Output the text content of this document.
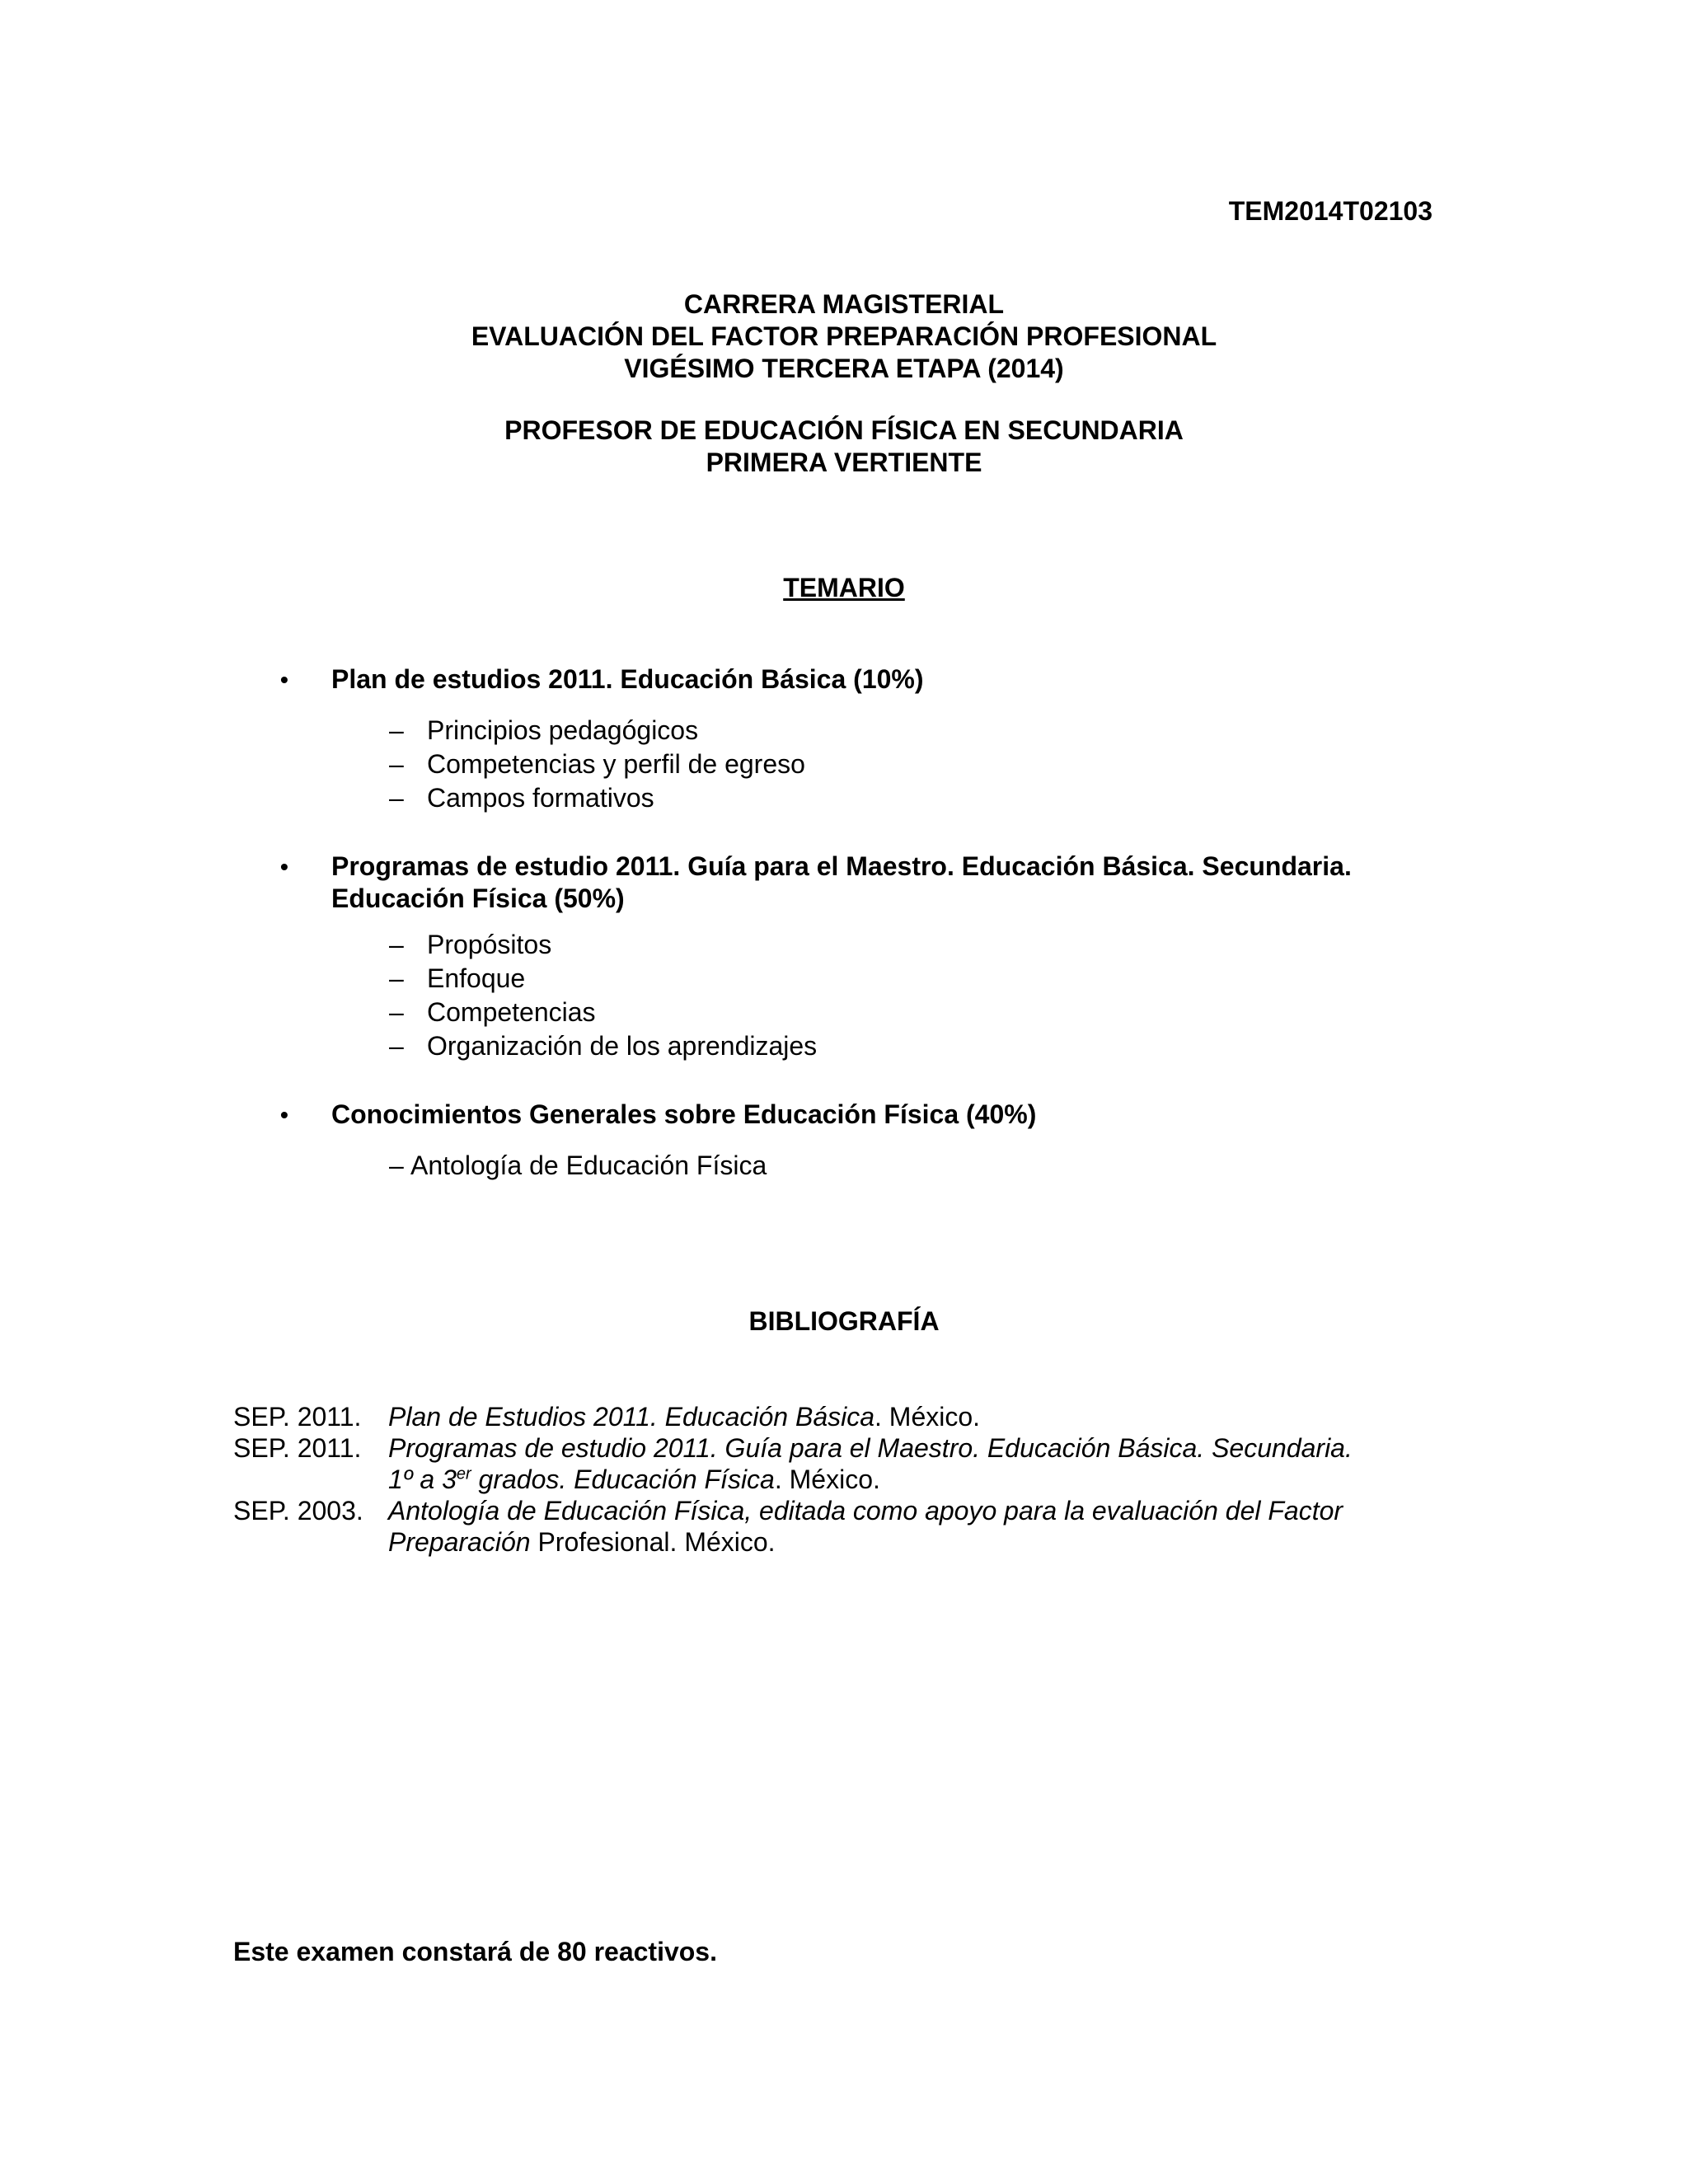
TEM2014T02103
CARRERA MAGISTERIAL
EVALUACIÓN DEL FACTOR PREPARACIÓN PROFESIONAL
VIGÉSIMO TERCERA ETAPA (2014)
PROFESOR DE EDUCACIÓN FÍSICA EN SECUNDARIA
PRIMERA VERTIENTE
TEMARIO
• Plan de estudios 2011. Educación Básica (10%)
– Principios pedagógicos
– Competencias y perfil de egreso
– Campos formativos
• Programas de estudio 2011. Guía para el Maestro. Educación Básica. Secundaria.
Educación Física (50%)
– Propósitos
– Enfoque
– Competencias
– Organización de los aprendizajes
• Conocimientos Generales sobre Educación Física (40%)
– Antología de Educación Física
BIBLIOGRAFÍA
SEP. 2011. Plan de Estudios 2011. Educación Básica. México.
SEP. 2011. Programas de estudio 2011. Guía para el Maestro. Educación Básica. Secundaria.
1º a 3er grados. Educación Física. México.
SEP. 2003. Antología de Educación Física, editada como apoyo para la evaluación del Factor
Preparación Profesional. México.
Este examen constará de 80 reactivos.
